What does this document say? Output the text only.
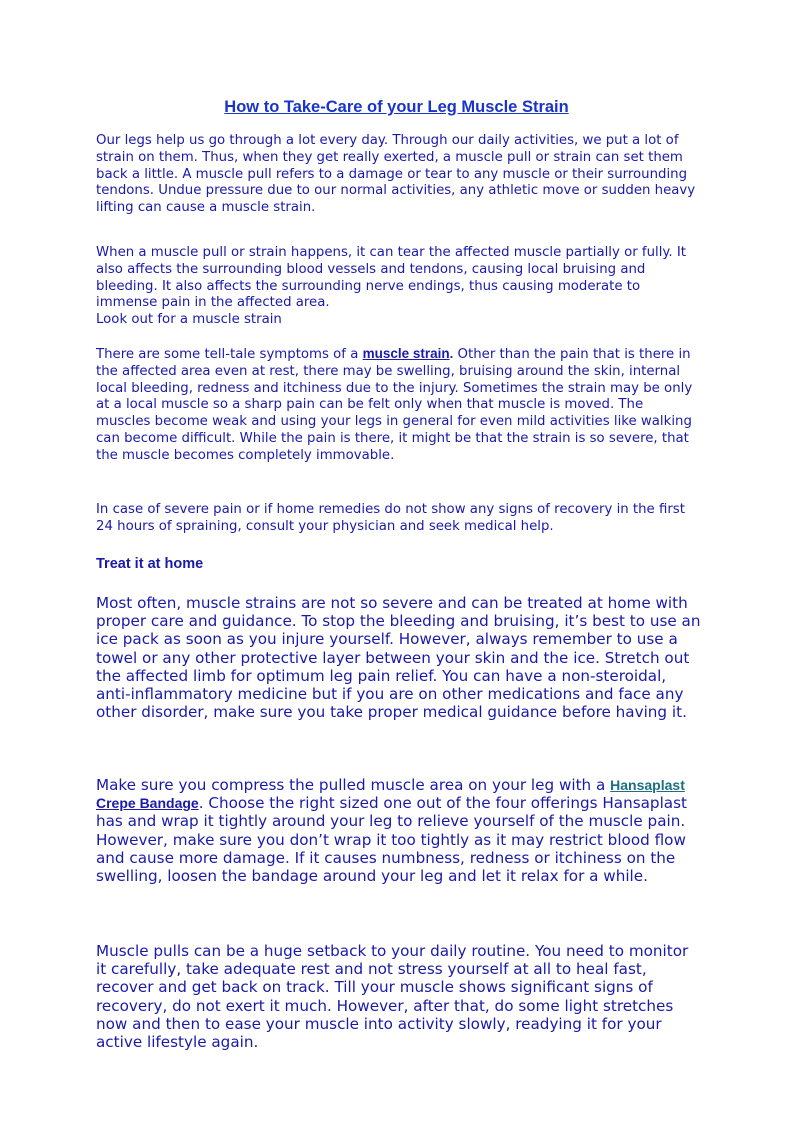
How to Take-Care of your Leg Muscle Strain

Our legs help us go through a lot every day. Through our daily activities, we put a lot of strain on them. Thus, when they get really exerted, a muscle pull or strain can set them back a little. A muscle pull refers to a damage or tear to any muscle or their surrounding tendons. Undue pressure due to our normal activities, any athletic move or sudden heavy lifting can cause a muscle strain.

When a muscle pull or strain happens, it can tear the affected muscle partially or fully. It also affects the surrounding blood vessels and tendons, causing local bruising and bleeding. It also affects the surrounding nerve endings, thus causing moderate to immense pain in the affected area.
Look out for a muscle strain

There are some tell-tale symptoms of a muscle strain. Other than the pain that is there in the affected area even at rest, there may be swelling, bruising around the skin, internal local bleeding, redness and itchiness due to the injury. Sometimes the strain may be only at a local muscle so a sharp pain can be felt only when that muscle is moved. The muscles become weak and using your legs in general for even mild activities like walking can become difficult. While the pain is there, it might be that the strain is so severe, that the muscle becomes completely immovable.

In case of severe pain or if home remedies do not show any signs of recovery in the first 24 hours of spraining, consult your physician and seek medical help.

Treat it at home

Most often, muscle strains are not so severe and can be treated at home with proper care and guidance. To stop the bleeding and bruising, it’s best to use an ice pack as soon as you injure yourself. However, always remember to use a towel or any other protective layer between your skin and the ice. Stretch out the affected limb for optimum leg pain relief. You can have a non-steroidal, anti-inflammatory medicine but if you are on other medications and face any other disorder, make sure you take proper medical guidance before having it.

Make sure you compress the pulled muscle area on your leg with a Hansaplast Crepe Bandage. Choose the right sized one out of the four offerings Hansaplast has and wrap it tightly around your leg to relieve yourself of the muscle pain. However, make sure you don’t wrap it too tightly as it may restrict blood flow and cause more damage. If it causes numbness, redness or itchiness on the swelling, loosen the bandage around your leg and let it relax for a while.

Muscle pulls can be a huge setback to your daily routine. You need to monitor it carefully, take adequate rest and not stress yourself at all to heal fast, recover and get back on track. Till your muscle shows significant signs of recovery, do not exert it much. However, after that, do some light stretches now and then to ease your muscle into activity slowly, readying it for your active lifestyle again.
